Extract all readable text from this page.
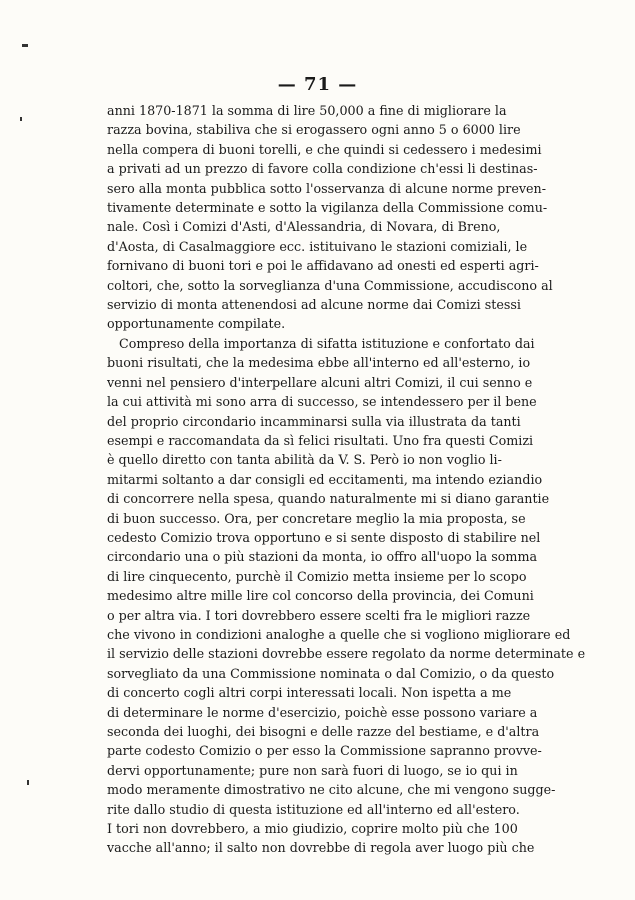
— 71 —
anni 1870-1871 la somma di lire 50,000 a fine di migliorare la
razza bovina, stabiliva che si erogassero ogni anno 5 o 6000 lire
nella compera di buoni torelli, e che quindi si cedessero i medesimi
a privati ad un prezzo di favore colla condizione ch'essi li destinas-
sero alla monta pubblica sotto l'osservanza di alcune norme preven-
tivamente determinate e sotto la vigilanza della Commissione comu-
nale. Così i Comizi d'Asti, d'Alessandria, di Novara, di Breno,
d'Aosta, di Casalmaggiore ecc. istituivano le stazioni comiziali, le
fornivano di buoni tori e poi le affidavano ad onesti ed esperti agri-
coltori, che, sotto la sorveglianza d'una Commissione, accudiscono al
servizio di monta attenendosi ad alcune norme dai Comizi stessi
opportunamente compilate.
Compreso della importanza di sifatta istituzione e confortato dai
buoni risultati, che la medesima ebbe all'interno ed all'esterno, io
venni nel pensiero d'interpellare alcuni altri Comizi, il cui senno e
la cui attività mi sono arra di successo, se intendessero per il bene
del proprio circondario incamminarsi sulla via illustrata da tanti
esempi e raccomandata da sì felici risultati. Uno fra questi Comizi
è quello diretto con tanta abilità da V. S. Però io non voglio li-
mitarmi soltanto a dar consigli ed eccitamenti, ma intendo eziandio
di concorrere nella spesa, quando naturalmente mi si diano garantie
di buon successo. Ora, per concretare meglio la mia proposta, se
cedesto Comizio trova opportuno e si sente disposto di stabilire nel
circondario una o più stazioni da monta, io offro all'uopo la somma
di lire cinquecento, purchè il Comizio metta insieme per lo scopo
medesimo altre mille lire col concorso della provincia, dei Comuni
o per altra via. I tori dovrebbero essere scelti fra le migliori razze
che vivono in condizioni analoghe a quelle che si vogliono migliorare ed
il servizio delle stazioni dovrebbe essere regolato da norme determinate e
sorvegliato da una Commissione nominata o dal Comizio, o da questo
di concerto cogli altri corpi interessati locali. Non ispetta a me
di determinare le norme d'esercizio, poichè esse possono variare a
seconda dei luoghi, dei bisogni e delle razze del bestiame, e d'altra
parte codesto Comizio o per esso la Commissione sapranno provve-
dervi opportunamente; pure non sarà fuori di luogo, se io qui in
modo meramente dimostrativo ne cito alcune, che mi vengono sugge-
rite dallo studio di questa istituzione ed all'interno ed all'estero.
I tori non dovrebbero, a mio giudizio, coprire molto più che 100
vacche all'anno; il salto non dovrebbe di regola aver luogo più che
